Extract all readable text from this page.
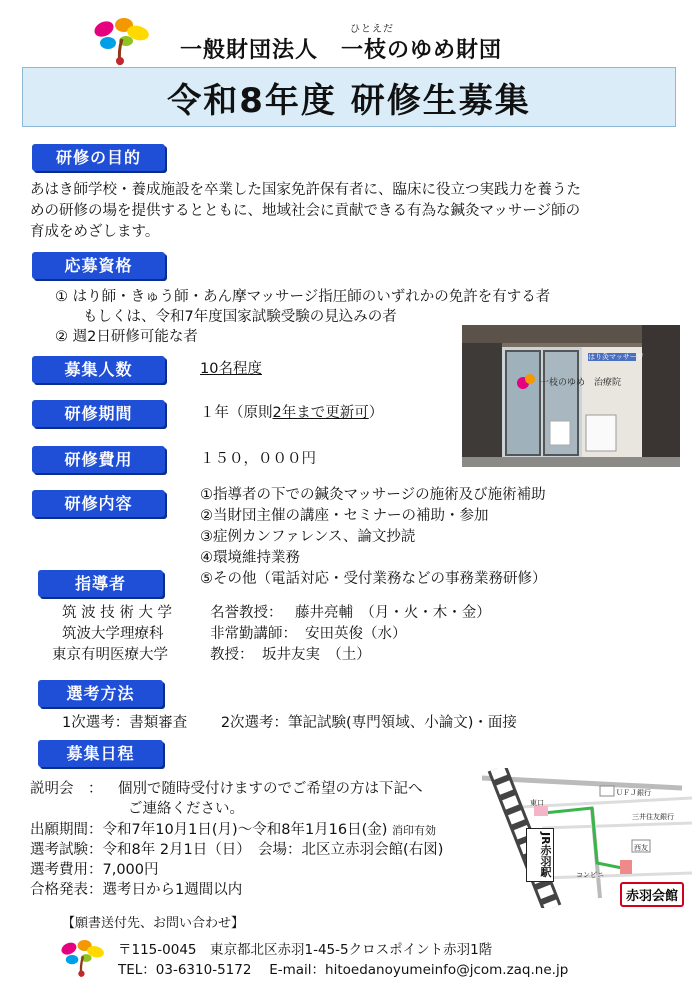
ひとえだ
一般財団法人　一枝のゆめ財団
令和8年度 研修生募集
研修の目的
あはき師学校・養成施設を卒業した国家免許保有者に、臨床に役立つ実践力を養うた
めの研修の場を提供するとともに、地域社会に貢献できる有為な鍼灸マッサージ師の
育成をめざします。
応募資格
① はり師・きゅう師・あん摩マッサージ指圧師のいずれかの免許を有する者
もしくは、令和7年度国家試験受験の見込みの者
② 週2日研修可能な者
はり灸マッサージ
一枝のゆめ 治療院
募集人数	10名程度
研修期間	１年（原則2年まで更新可）
研修費用	１５０，０００円
研修内容	①指導者の下での鍼灸マッサージの施術及び施術補助
②当財団主催の講座・セミナーの補助・参加
③症例カンファレンス、論文抄読
④環境維持業務
⑤その他（電話対応・受付業務などの事務業務研修）
指導者
筑 波 技 術 大 学	名誉教授： 藤井亮輔　（月・火・木・金）
筑波大学理療科	非常勤講師： 安田英俊（水）
東京有明医療大学	教授： 坂井友実　（土）
選考方法
1次選考：書類審査　　 2次選考：筆記試験(専門領域、小論文)・面接
募集日程
説明会　： 個別で随時受付けますのでご希望の方は下記へ
ご連絡ください。
出願期間：令和7年10月1日(月)～令和8年1月16日(金) 消印有効
選考試験：令和8年 2月1日（日）　会場：北区立赤羽会館(右図)
選考費用：7,000円
合格発表：選考日から1週間以内
JR赤羽駅
赤羽会館
東口
ＵＦＪ銀行
三井住友銀行
西友
コンビニ
【願書送付先、お問い合わせ】
〒115-0045　東京都北区赤羽1-45-5クロスポイント赤羽1階
TEL：03-6310-5172　 E-mail：hitoedanoyumeinfo@jcom.zaq.ne.jp
